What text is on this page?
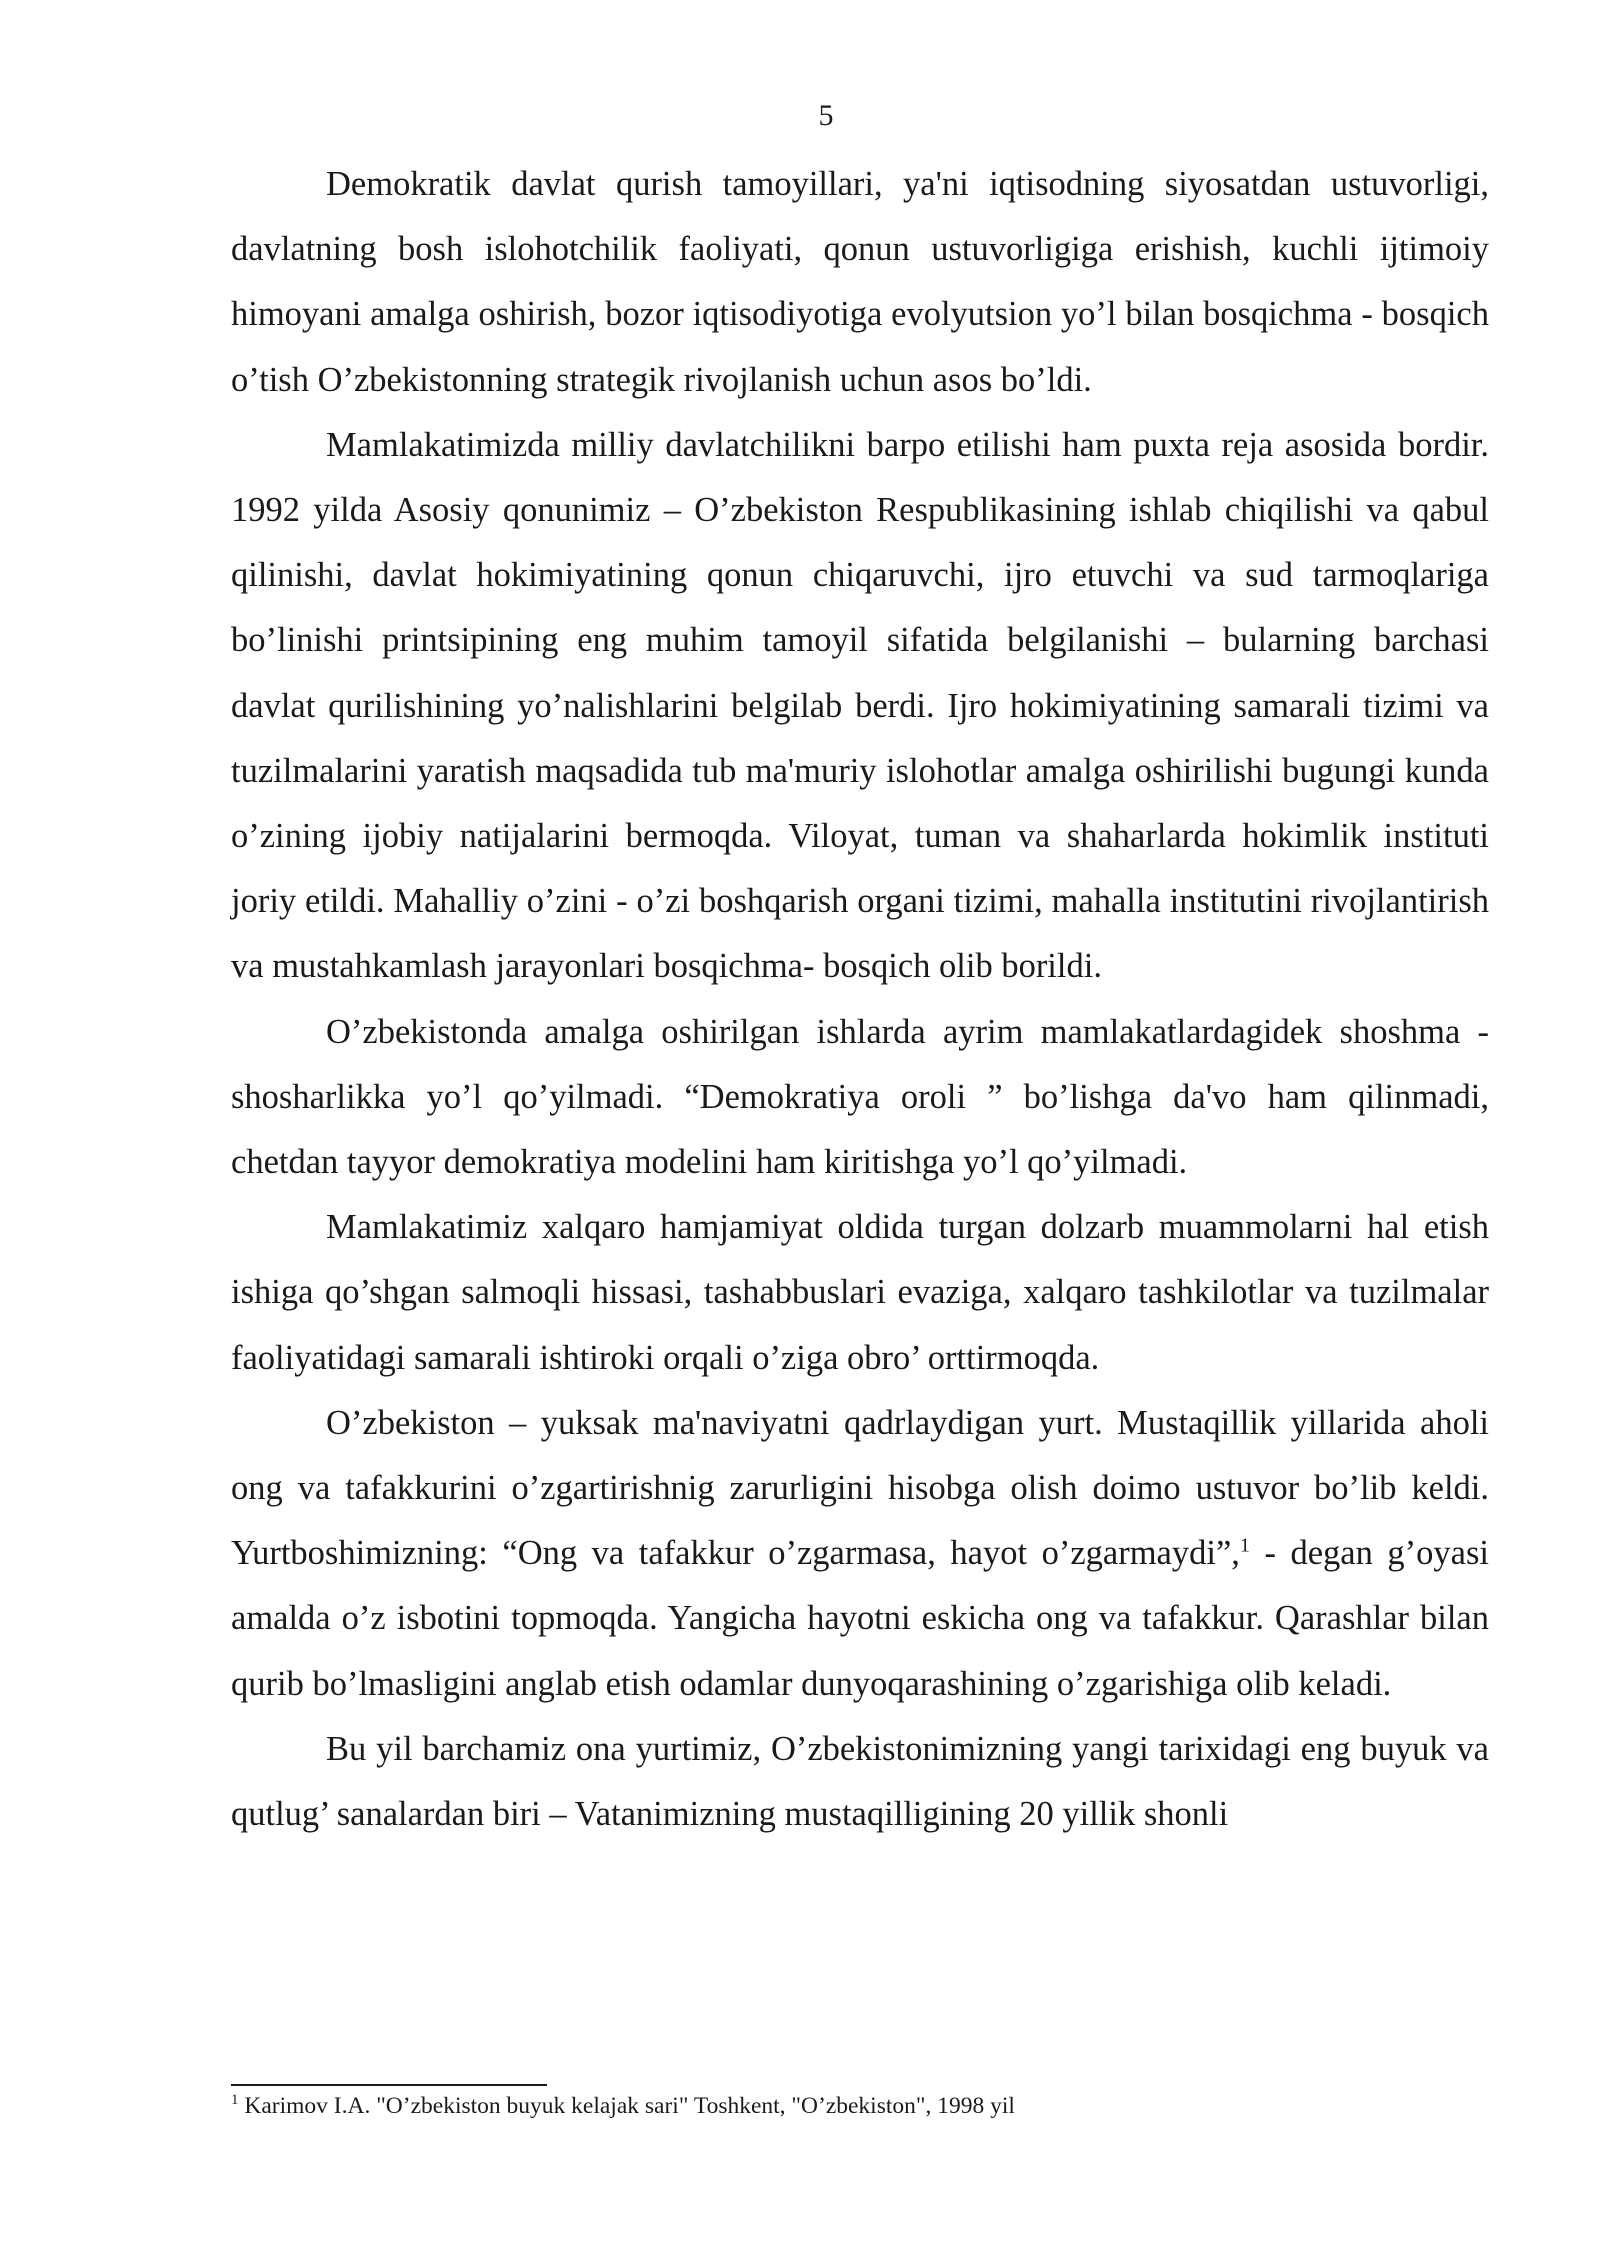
5

Demokratik davlat qurish tamoyillari, ya'ni iqtisodning siyosatdan ustuvorligi, davlatning bosh islohotchilik faoliyati, qonun ustuvorligiga erishish, kuchli ijtimoiy himoyani amalga oshirish, bozor iqtisodiyotiga evolyutsion yo’l bilan bosqichma - bosqich o’tish O’zbekistonning strategik rivojlanish uchun asos bo’ldi.

Mamlakatimizda milliy davlatchilikni barpo etilishi ham puxta reja asosida bordir. 1992 yilda Asosiy qonunimiz – O’zbekiston Respublikasining ishlab chiqilishi va qabul qilinishi, davlat hokimiyatining qonun chiqaruvchi, ijro etuvchi va sud tarmoqlariga bo’linishi printsipining eng muhim tamoyil sifatida belgilanishi – bularning barchasi davlat qurilishining yo’nalishlarini belgilab berdi. Ijro hokimiyatining samarali tizimi va tuzilmalarini yaratish maqsadida tub ma'muriy islohotlar amalga oshirilishi bugungi kunda o’zining ijobiy natijalarini bermoqda. Viloyat, tuman va shaharlarda hokimlik instituti joriy etildi. Mahalliy o’zini - o’zi boshqarish organi tizimi, mahalla institutini rivojlantirish va mustahkamlash jarayonlari bosqichma- bosqich olib borildi.

O’zbekistonda amalga oshirilgan ishlarda ayrim mamlakatlardagidek shoshma - shosharlikka yo’l qo’yilmadi. “Demokratiya oroli ” bo’lishga da'vo ham qilinmadi, chetdan tayyor demokratiya modelini ham kiritishga yo’l qo’yilmadi.

Mamlakatimiz xalqaro hamjamiyat oldida turgan dolzarb muammolarni hal etish ishiga qo’shgan salmoqli hissasi, tashabbuslari evaziga, xalqaro tashkilotlar va tuzilmalar faoliyatidagi samarali ishtiroki orqali o’ziga obro’ orttirmoqda.

O’zbekiston – yuksak ma'naviyatni qadrlaydigan yurt. Mustaqillik yillarida aholi ong va tafakkurini o’zgartirishnig zarurligini hisobga olish doimo ustuvor bo’lib keldi. Yurtboshimizning: “Ong va tafakkur o’zgarmasa, hayot o’zgarmaydi”,$^1$ - degan g’oyasi amalda o’z isbotini topmoqda. Yangicha hayotni eskicha ong va tafakkur. Qarashlar bilan qurib bo’lmasligini anglab etish odamlar dunyoqarashining o’zgarishiga olib keladi.

Bu yil barchamiz ona yurtimiz, O’zbekistonimizning yangi tarixidagi eng buyuk va qutlug’ sanalardan biri – Vatanimizning mustaqilligining 20 yillik shonli

$^1$ Karimov I.A. "O’zbekiston buyuk kelajak sari" Toshkent, "O’zbekiston", 1998 yil
